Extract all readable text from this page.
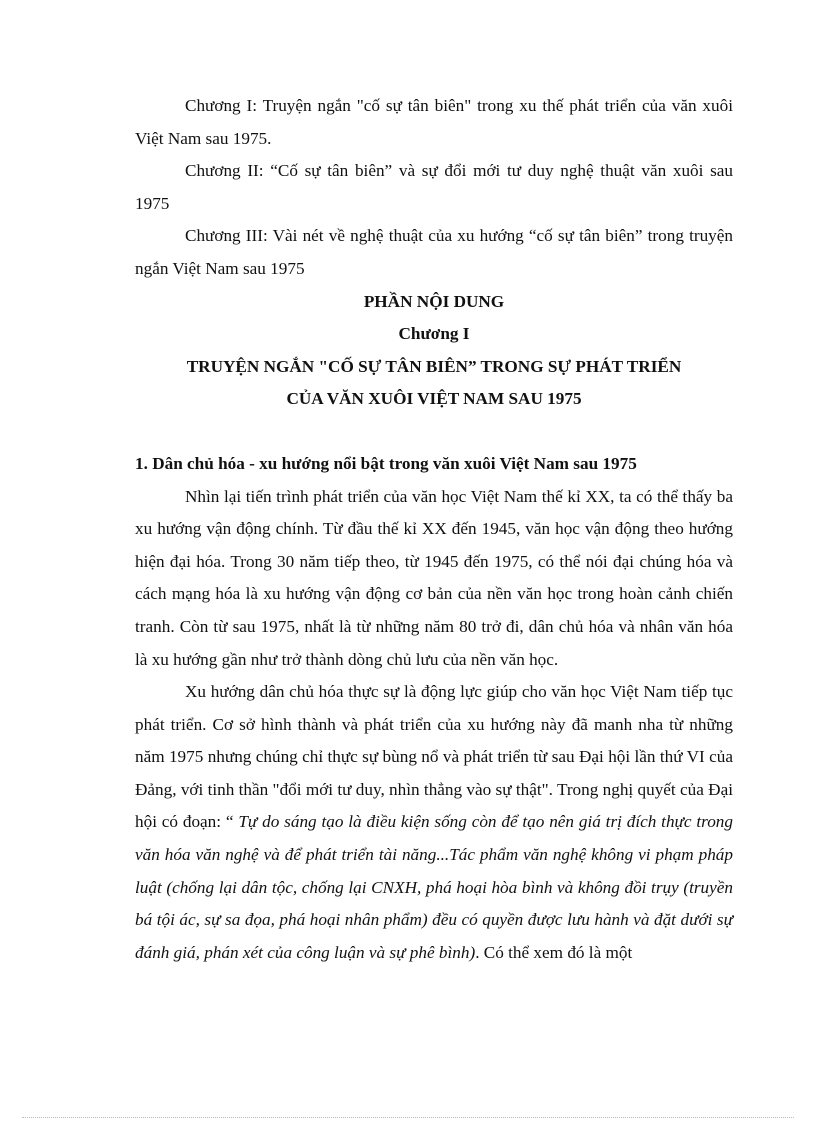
Chương I: Truyện ngắn "cố sự tân biên" trong xu thế phát triển của văn xuôi Việt Nam sau 1975.

Chương II: “Cố sự tân biên” và sự đổi mới tư duy nghệ thuật văn xuôi sau 1975

Chương III: Vài nét về nghệ thuật của xu hướng “cố sự tân biên” trong truyện ngắn Việt Nam sau 1975

PHẦN NỘI DUNG

Chương I

TRUYỆN NGẮN "CỐ SỰ TÂN BIÊN” TRONG SỰ PHÁT TRIỂN

CỦA VĂN XUÔI VIỆT NAM SAU 1975

1. Dân chủ hóa - xu hướng nổi bật trong văn xuôi Việt Nam sau 1975

Nhìn lại tiến trình phát triển của văn học Việt Nam thế kỉ XX, ta có thể thấy ba xu hướng vận động chính. Từ đầu thế kỉ XX đến 1945, văn học vận động theo hướng hiện đại hóa. Trong 30 năm tiếp theo, từ 1945 đến 1975, có thể nói đại chúng hóa và cách mạng hóa là xu hướng vận động cơ bản của nền văn học trong hoàn cảnh chiến tranh. Còn từ sau 1975, nhất là từ những năm 80 trở đi, dân chủ hóa và nhân văn hóa là xu hướng gần như trở thành dòng chủ lưu của nền văn học.

Xu hướng dân chủ hóa thực sự là động lực giúp cho văn học Việt Nam tiếp tục phát triển. Cơ sở hình thành và phát triển của xu hướng này đã manh nha từ những năm 1975 nhưng chúng chỉ thực sự bùng nổ và phát triển từ sau Đại hội lần thứ VI của Đảng, với tinh thần "đổi mới tư duy, nhìn thẳng vào sự thật". Trong nghị quyết của Đại hội có đoạn: “ Tự do sáng tạo là điều kiện sống còn để tạo nên giá trị đích thực trong văn hóa văn nghệ và để phát triển tài năng...Tác phẩm văn nghệ không vi phạm pháp luật (chống lại dân tộc, chống lại CNXH, phá hoại hòa bình và không đồi trụy (truyền bá tội ác, sự sa đọa, phá hoại nhân phẩm) đều có quyền được lưu hành và đặt dưới sự đánh giá, phán xét của công luận và sự phê bình). Có thể xem đó là một
